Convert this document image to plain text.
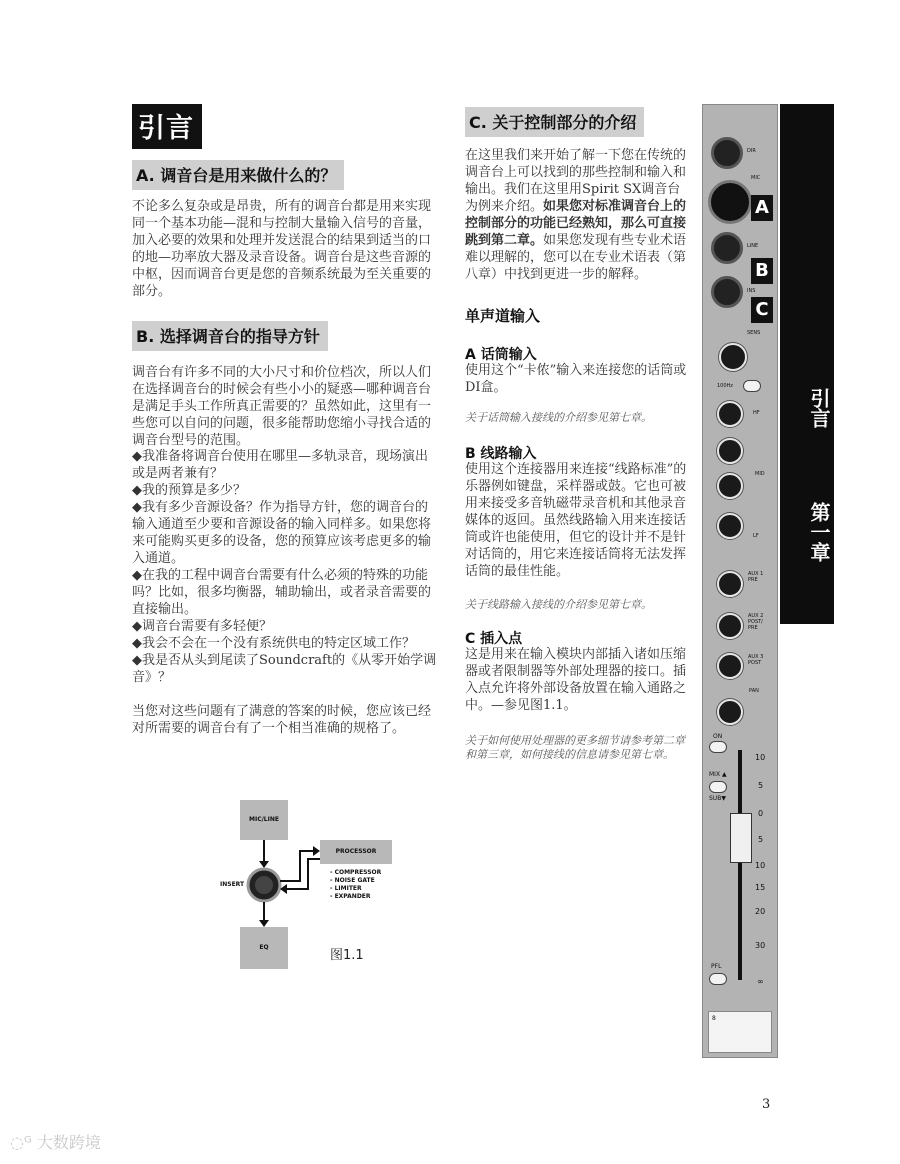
引言
A. 调音台是用来做什么的？

不论多么复杂或是昂贵，所有的调音台都是用来实现同一个基本功能—混和与控制大量输入信号的音量，加入必要的效果和处理并发送混合的结果到适当的口的地—功率放大器及录音设备。调音台是这些音源的中枢，因而调音台更是您的音频系统最为至关重要的部分。

B. 选择调音台的指导方针

调音台有许多不同的大小尺寸和价位档次，所以人们在选择调音台的时候会有些小小的疑惑—哪种调音台是满足手头工作所真正需要的？虽然如此，这里有一些您可以自问的问题，很多能帮助您缩小寻找合适的调音台型号的范围。

◆我准备将调音台使用在哪里—多轨录音，现场演出或是两者兼有？

◆我的预算是多少？

◆我有多少音源设备？作为指导方针，您的调音台的输入通道至少要和音源设备的输入同样多。如果您将来可能购买更多的设备，您的预算应该考虑更多的输入通道。

◆在我的工程中调音台需要有什么必须的特殊的功能吗？比如，很多均衡器，辅助输出，或者录音需要的直接输出。

◆调音台需要有多轻便？

◆我会不会在一个没有系统供电的特定区域工作？

◆我是否从头到尾读了Soundcraft的《从零开始学调音》？

当您对这些问题有了满意的答案的时候，您应该已经对所需要的调音台有了一个相当准确的规格了。

MIC/LINE
PROCESSOR
EQ
INSERT
- COMPRESSOR
- NOISE GATE
- LIMITER
- EXPANDER
图1.1
C. 关于控制部分的介绍

在这里我们来开始了解一下您在传统的调音台上可以找到的那些控制和输入和输出。我们在这里用Spirit SX调音台为例来介绍。如果您对标准调音台上的控制部分的功能已经熟知，那么可直接跳到第二章。如果您发现有些专业术语难以理解的，您可以在专业术语表（第八章）中找到更进一步的解释。

单声道输入
A 话筒输入

使用这个“卡侬”输入来连接您的话筒或DI盒。

关于话筒输入接线的介绍参见第七章。
B 线路输入

使用这个连接器用来连接“线路标准”的乐器例如键盘，采样器或鼓。它也可被用来接受多音轨磁带录音机和其他录音媒体的返回。虽然线路输入用来连接话筒或许也能使用，但它的设计并不是针对话筒的，用它来连接话筒将无法发挥话筒的最佳性能。

关于线路输入接线的介绍参见第七章。
C 插入点

这是用来在输入模块内部插入诸如压缩器或者限制器等外部处理器的接口。插入点允许将外部设备放置在输入通路之中。—参见图1.1。

关于如何使用处理器的更多细节请参考第二章和第三章，如何接线的信息请参见第七章。
DIR
MIC
A
LINE
B
INS
C
SENS
100Hz
HF
MID
LF
AUX 1 PRE
AUX 2 POST/ PRE
AUX 3 POST
PAN
ON
MIX ▲
SUB▼
10
5
0
5
10
15
20
30
∞
PFL
8
引言
第一章
3
◌ᴳ 大数跨境
